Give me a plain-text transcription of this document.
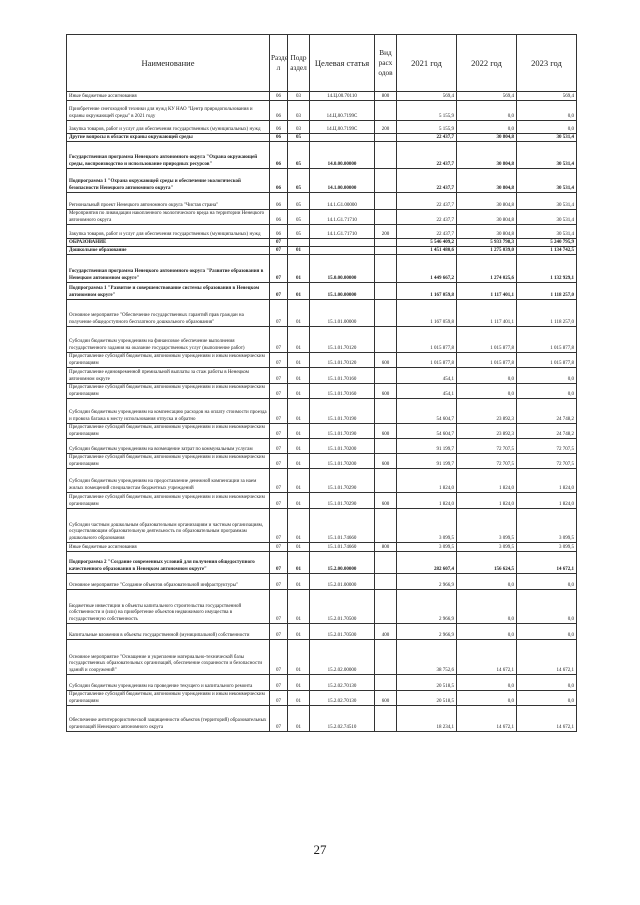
Наименование	Разде л	Подр аздел	Целевая статья	Вид расх одов	2021 год	2022 год	2023 год
Иные бюджетные ассигнования	06	03	14.Ц.00.70110	800	569,4	569,4	569,4
Приобретение снегоходной техники для нужд КУ НАО "Центр природопользования и охраны окружающей среды" в 2021 году	06	03	14.Ц.00.7199С		5 155,9	0,0	0,0
Закупка товаров, работ и услуг для обеспечения государственных (муниципальных) нужд	06	03	14.Ц.00.7199С	200	5 155,9	0,0	0,0
Другие вопросы в области охраны окружающей среды	06	05			22 437,7	30 804,8	30 531,4
Государственная программа Ненецкого автономного округа "Охрана окружающей среды, воспроизводство и использование природных ресурсов"	06	05	14.0.00.00000		22 437,7	30 804,8	30 531,4
Подпрограмма 1 "Охрана окружающей среды и обеспечение экологической безопасности Ненецкого автономного округа"	06	05	14.1.00.00000		22 437,7	30 804,8	30 531,4
Региональный проект Ненецкого автономного округа "Чистая страна"	06	05	14.1.G1.00000		22 437,7	30 804,8	30 531,4
Мероприятия по ликвидации накопленного экологического вреда на территории Ненецкого автономного округа	06	05	14.1.G1.71710		22 437,7	30 804,8	30 531,4
Закупка товаров, работ и услуг для обеспечения государственных (муниципальных) нужд	06	05	14.1.G1.71710	200	22 437,7	30 804,8	30 531,4
ОБРАЗОВАНИЕ	07				5 546 409,2	5 933 798,3	5 240 795,9
Дошкольное образование	07	01			1 451 480,6	1 275 039,0	1 134 742,5
Государственная программа Ненецкого автономного округа "Развитие образования в Ненецком автономном округе"	07	01	15.0.00.00000		1 449 667,2	1 274 025,6	1 132 929,1
Подпрограмма 1 "Развитие и совершенствование системы образования в Ненецком автономном округе"	07	01	15.1.00.00000		1 167 059,8	1 117 401,1	1 118 257,0
Основное мероприятие "Обеспечение государственных гарантий прав граждан на получение общедоступного бесплатного дошкольного образования"	07	01	15.1.01.00000		1 167 059,8	1 117 401,1	1 118 257,0
Субсидии бюджетным учреждениям на финансовое обеспечение выполнения государственного задания на оказание государственных услуг (выполнение работ)	07	01	15.1.01.70120		1 015 877,8	1 015 877,8	1 015 877,8
Предоставление субсидий бюджетным, автономным учреждениям и иным некоммерческим организациям	07	01	15.1.01.70120	600	1 015 877,8	1 015 877,8	1 015 877,8
Предоставление единовременной премиальной выплаты за стаж работы в Ненецком автономном округе	07	01	15.1.01.70160		454,1	0,0	0,0
Предоставление субсидий бюджетным, автономным учреждениям и иным некоммерческим организациям	07	01	15.1.01.70160	600	454,1	0,0	0,0
Субсидии бюджетным учреждениям на компенсацию расходов на оплату стоимости проезда и провоза багажа к месту использования отпуска и обратно	07	01	15.1.01.70190		54 604,7	23 892,3	24 748,2
Предоставление субсидий бюджетным, автономным учреждениям и иным некоммерческим организациям	07	01	15.1.01.70190	600	54 604,7	23 892,3	24 748,2
Субсидии бюджетным учреждениям на возмещение затрат по коммунальным услугам	07	01	15.1.01.70200		91 199,7	72 707,5	72 707,5
Предоставление субсидий бюджетным, автономным учреждениям и иным некоммерческим организациям	07	01	15.1.01.70200	600	91 199,7	72 707,5	72 707,5
Субсидии бюджетным учреждениям на предоставление денежной компенсации за наем жилых помещений специалистам бюджетных учреждений	07	01	15.1.01.70290		1 824,0	1 824,0	1 824,0
Предоставление субсидий бюджетным, автономным учреждениям и иным некоммерческим организациям	07	01	15.1.01.70290	600	1 824,0	1 824,0	1 824,0
Субсидии частным дошкольным образовательным организациям и частным организациям, осуществляющим образовательную деятельность по образовательным программам дошкольного образования	07	01	15.1.01.74660		3 099,5	3 099,5	3 099,5
Иные бюджетные ассигнования	07	01	15.1.01.74660	800	3 099,5	3 099,5	3 099,5
Подпрограмма 2 "Создание современных условий для получения общедоступного качественного образования в Ненецком автономном округе"	07	01	15.2.00.00000		282 607,4	156 624,5	14 672,1
Основное мероприятие "Создание объектов образовательной инфраструктуры"	07	01	15.2.01.00000		2 966,9	0,0	0,0
Бюджетные инвестиции в объекты капитального строительства государственной собственности и (или) на приобретение объектов недвижимого имущества в государственную собственность	07	01	15.2.01.70500		2 966,9	0,0	0,0
Капитальные вложения в объекты государственной (муниципальной) собственности	07	01	15.2.01.70500	400	2 966,9	0,0	0,0
Основное мероприятие "Оснащение и укрепление материально-технической базы государственных образовательных организаций, обеспечение сохранности и безопасности зданий и сооружений"	07	01	15.2.02.00000		38 752,6	14 672,1	14 672,1
Субсидии бюджетным учреждениям на проведение текущего и капитального ремонта	07	01	15.2.02.70130		20 518,5	0,0	0,0
Предоставление субсидий бюджетным, автономным учреждениям и иным некоммерческим организациям	07	01	15.2.02.70130	600	20 518,5	0,0	0,0
Обеспечение антитеррористической защищенности объектов (территорий) образовательных организаций Ненецкого автономного округа	07	01	15.2.02.74510		18 234,1	14 672,1	14 672,1
27
